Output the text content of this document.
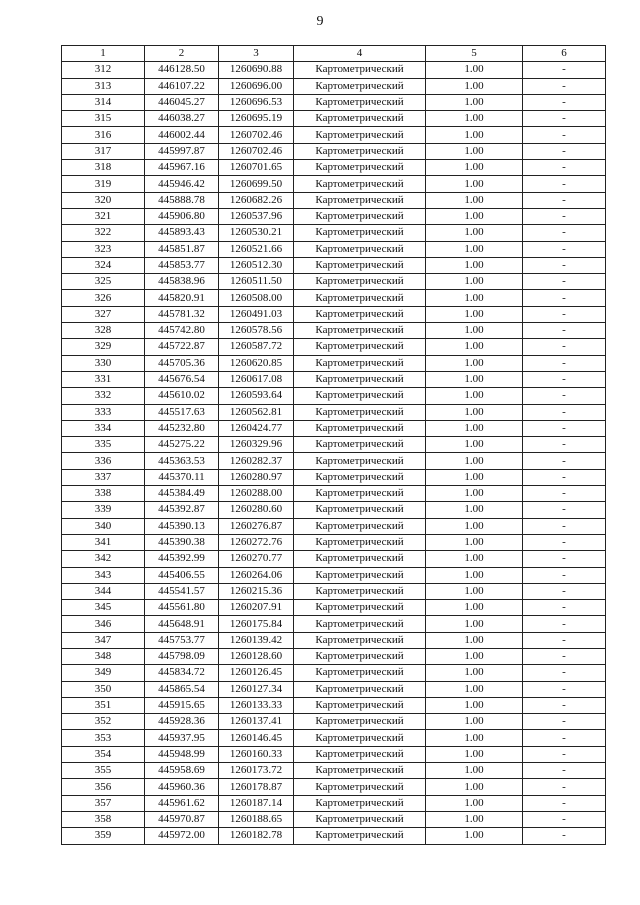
9
1	2	3	4	5	6
312	446128.50	1260690.88	Картометрический	1.00	-
313	446107.22	1260696.00	Картометрический	1.00	-
314	446045.27	1260696.53	Картометрический	1.00	-
315	446038.27	1260695.19	Картометрический	1.00	-
316	446002.44	1260702.46	Картометрический	1.00	-
317	445997.87	1260702.46	Картометрический	1.00	-
318	445967.16	1260701.65	Картометрический	1.00	-
319	445946.42	1260699.50	Картометрический	1.00	-
320	445888.78	1260682.26	Картометрический	1.00	-
321	445906.80	1260537.96	Картометрический	1.00	-
322	445893.43	1260530.21	Картометрический	1.00	-
323	445851.87	1260521.66	Картометрический	1.00	-
324	445853.77	1260512.30	Картометрический	1.00	-
325	445838.96	1260511.50	Картометрический	1.00	-
326	445820.91	1260508.00	Картометрический	1.00	-
327	445781.32	1260491.03	Картометрический	1.00	-
328	445742.80	1260578.56	Картометрический	1.00	-
329	445722.87	1260587.72	Картометрический	1.00	-
330	445705.36	1260620.85	Картометрический	1.00	-
331	445676.54	1260617.08	Картометрический	1.00	-
332	445610.02	1260593.64	Картометрический	1.00	-
333	445517.63	1260562.81	Картометрический	1.00	-
334	445232.80	1260424.77	Картометрический	1.00	-
335	445275.22	1260329.96	Картометрический	1.00	-
336	445363.53	1260282.37	Картометрический	1.00	-
337	445370.11	1260280.97	Картометрический	1.00	-
338	445384.49	1260288.00	Картометрический	1.00	-
339	445392.87	1260280.60	Картометрический	1.00	-
340	445390.13	1260276.87	Картометрический	1.00	-
341	445390.38	1260272.76	Картометрический	1.00	-
342	445392.99	1260270.77	Картометрический	1.00	-
343	445406.55	1260264.06	Картометрический	1.00	-
344	445541.57	1260215.36	Картометрический	1.00	-
345	445561.80	1260207.91	Картометрический	1.00	-
346	445648.91	1260175.84	Картометрический	1.00	-
347	445753.77	1260139.42	Картометрический	1.00	-
348	445798.09	1260128.60	Картометрический	1.00	-
349	445834.72	1260126.45	Картометрический	1.00	-
350	445865.54	1260127.34	Картометрический	1.00	-
351	445915.65	1260133.33	Картометрический	1.00	-
352	445928.36	1260137.41	Картометрический	1.00	-
353	445937.95	1260146.45	Картометрический	1.00	-
354	445948.99	1260160.33	Картометрический	1.00	-
355	445958.69	1260173.72	Картометрический	1.00	-
356	445960.36	1260178.87	Картометрический	1.00	-
357	445961.62	1260187.14	Картометрический	1.00	-
358	445970.87	1260188.65	Картометрический	1.00	-
359	445972.00	1260182.78	Картометрический	1.00	-
